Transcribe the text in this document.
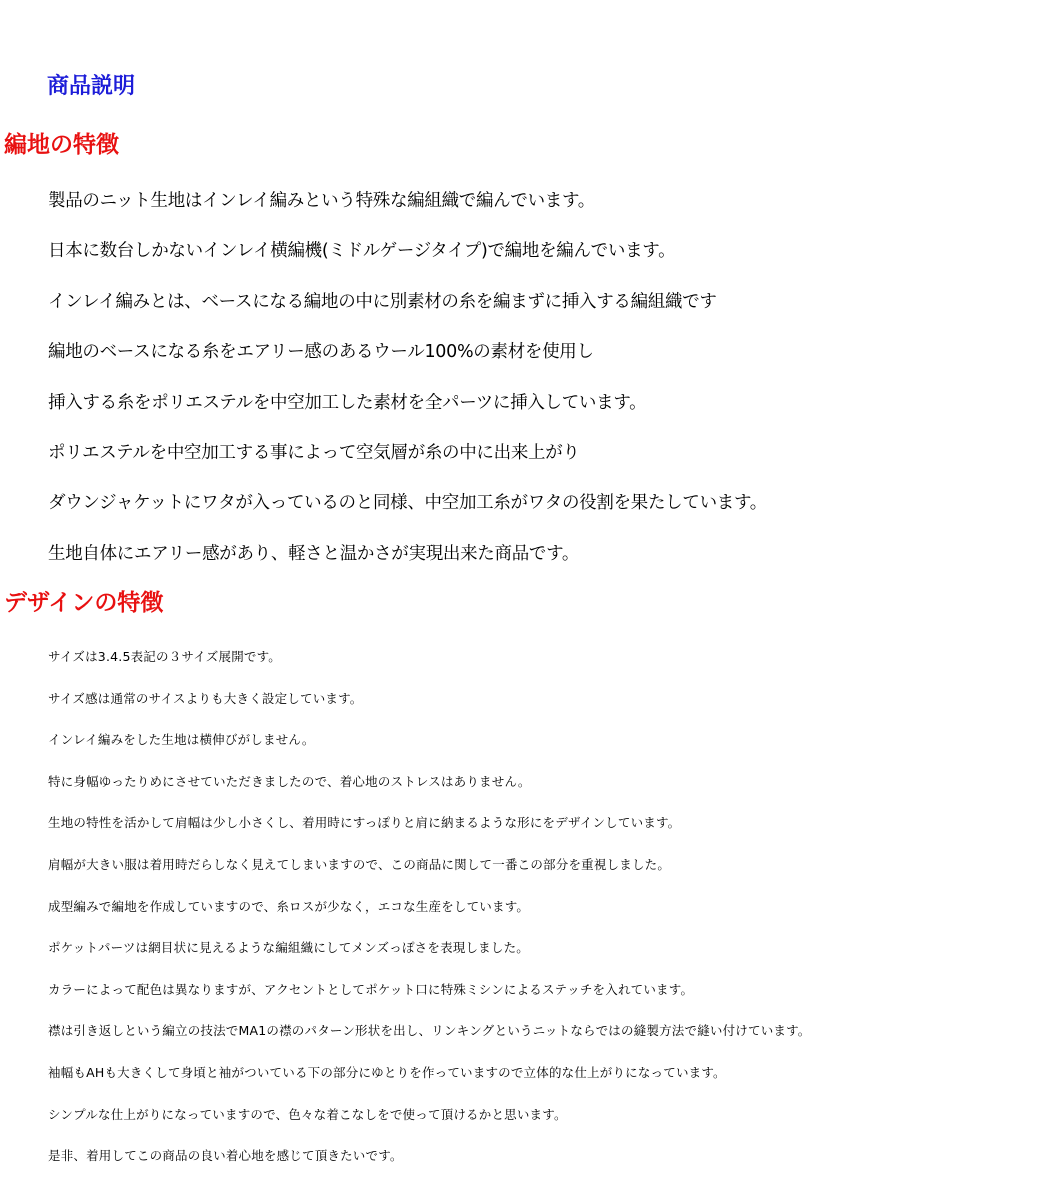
商品説明
編地の特徴
製品のニット生地はインレイ編みという特殊な編組織で編んでいます。
日本に数台しかないインレイ横編機(ミドルゲージタイプ)で編地を編んでいます。
インレイ編みとは、ベースになる編地の中に別素材の糸を編まずに挿入する編組織です
編地のベースになる糸をエアリー感のあるウール100%の素材を使用し
挿入する糸をポリエステルを中空加工した素材を全パーツに挿入しています。
ポリエステルを中空加工する事によって空気層が糸の中に出来上がり
ダウンジャケットにワタが入っているのと同様、中空加工糸がワタの役割を果たしています。
生地自体にエアリー感があり、軽さと温かさが実現出来た商品です。
デザインの特徴
サイズは3.4.5表記の３サイズ展開です。
サイズ感は通常のサイスよりも大きく設定しています。
インレイ編みをした生地は横伸びがしません。
特に身幅ゆったりめにさせていただきましたので、着心地のストレスはありません。
生地の特性を活かして肩幅は少し小さくし、着用時にすっぽりと肩に納まるような形にをデザインしています。
肩幅が大きい服は着用時だらしなく見えてしまいますので、この商品に関して一番この部分を重視しました。
成型編みで編地を作成していますので、糸ロスが少なく，エコな生産をしています。
ポケットパーツは網目状に見えるような編組織にしてメンズっぽさを表現しました。
カラーによって配色は異なりますが、アクセントとしてポケット口に特殊ミシンによるステッチを入れています。
襟は引き返しという編立の技法でMA1の襟のパターン形状を出し、リンキングというニットならではの縫製方法で縫い付けています。
袖幅もAHも大きくして身頃と袖がついている下の部分にゆとりを作っていますので立体的な仕上がりになっています。
シンプルな仕上がりになっていますので、色々な着こなしをで使って頂けるかと思います。
是非、着用してこの商品の良い着心地を感じて頂きたいです。
